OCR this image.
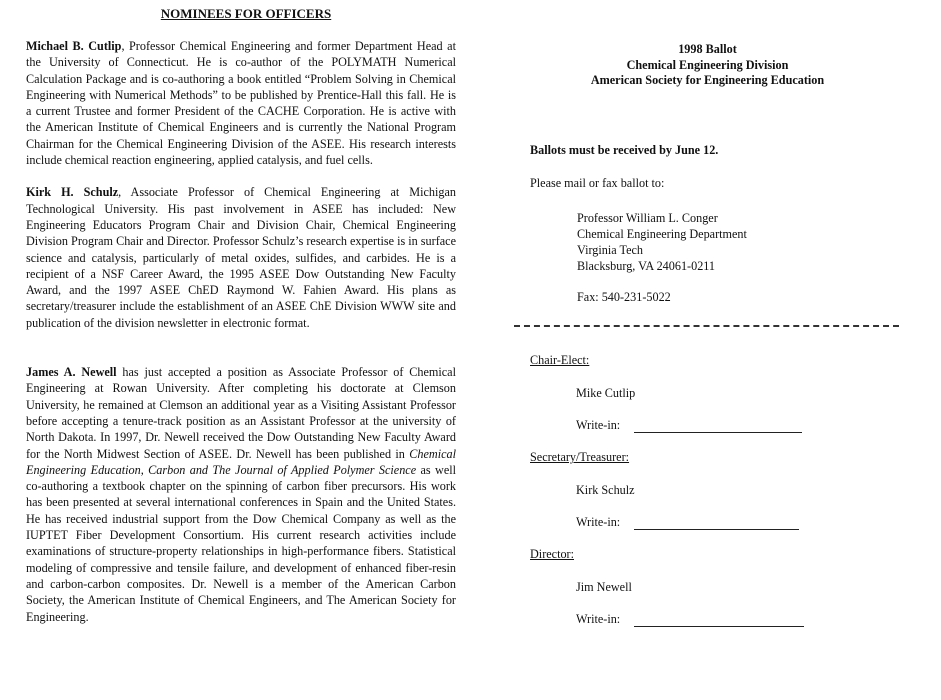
NOMINEES FOR OFFICERS

Michael B. Cutlip, Professor Chemical Engineering and former Department Head at the University of Connecticut. He is co-author of the POLYMATH Numerical Calculation Package and is co-authoring a book entitled “Problem Solving in Chemical Engineering with Numerical Methods” to be published by Prentice-Hall this fall. He is a current Trustee and former President of the CACHE Corporation. He is active with the American Institute of Chemical Engineers and is currently the National Program Chairman for the Chemical Engineering Division of the ASEE. His research interests include chemical reaction engineering, applied catalysis, and fuel cells.

Kirk H. Schulz, Associate Professor of Chemical Engineering at Michigan Technological University. His past involvement in ASEE has included: New Engineering Educators Program Chair and Division Chair, Chemical Engineering Division Program Chair and Director. Professor Schulz’s research expertise is in surface science and catalysis, particularly of metal oxides, sulfides, and carbides. He is a recipient of a NSF Career Award, the 1995 ASEE Dow Outstanding New Faculty Award, and the 1997 ASEE ChED Raymond W. Fahien Award. His plans as secretary/treasurer include the establishment of an ASEE ChE Division WWW site and publication of the division newsletter in electronic format.

James A. Newell has just accepted a position as Associate Professor of Chemical Engineering at Rowan University. After completing his doctorate at Clemson University, he remained at Clemson an additional year as a Visiting Assistant Professor before accepting a tenure-track position as an Assistant Professor at the university of North Dakota. In 1997, Dr. Newell received the Dow Outstanding New Faculty Award for the North Midwest Section of ASEE. Dr. Newell has been published in Chemical Engineering Education, Carbon and The Journal of Applied Polymer Science as well co-authoring a textbook chapter on the spinning of carbon fiber precursors. His work has been presented at several international conferences in Spain and the United States. He has received industrial support from the Dow Chemical Company as well as the IUPTET Fiber Development Consortium. His current research activities include examinations of structure-property relationships in high-performance fibers. Statistical modeling of compressive and tensile failure, and development of enhanced fiber-resin and carbon-carbon composites. Dr. Newell is a member of the American Carbon Society, the American Institute of Chemical Engineers, and The American Society for Engineering.

1998 Ballot
Chemical Engineering Division
American Society for Engineering Education
Ballots must be received by June 12.
Please mail or fax ballot to:
Professor William L. Conger
Chemical Engineering Department
Virginia Tech
Blacksburg, VA 24061-0211
Fax: 540-231-5022
Chair-Elect:
Mike Cutlip
Write-in:
Secretary/Treasurer:
Kirk Schulz
Write-in:
Director:
Jim Newell
Write-in:
